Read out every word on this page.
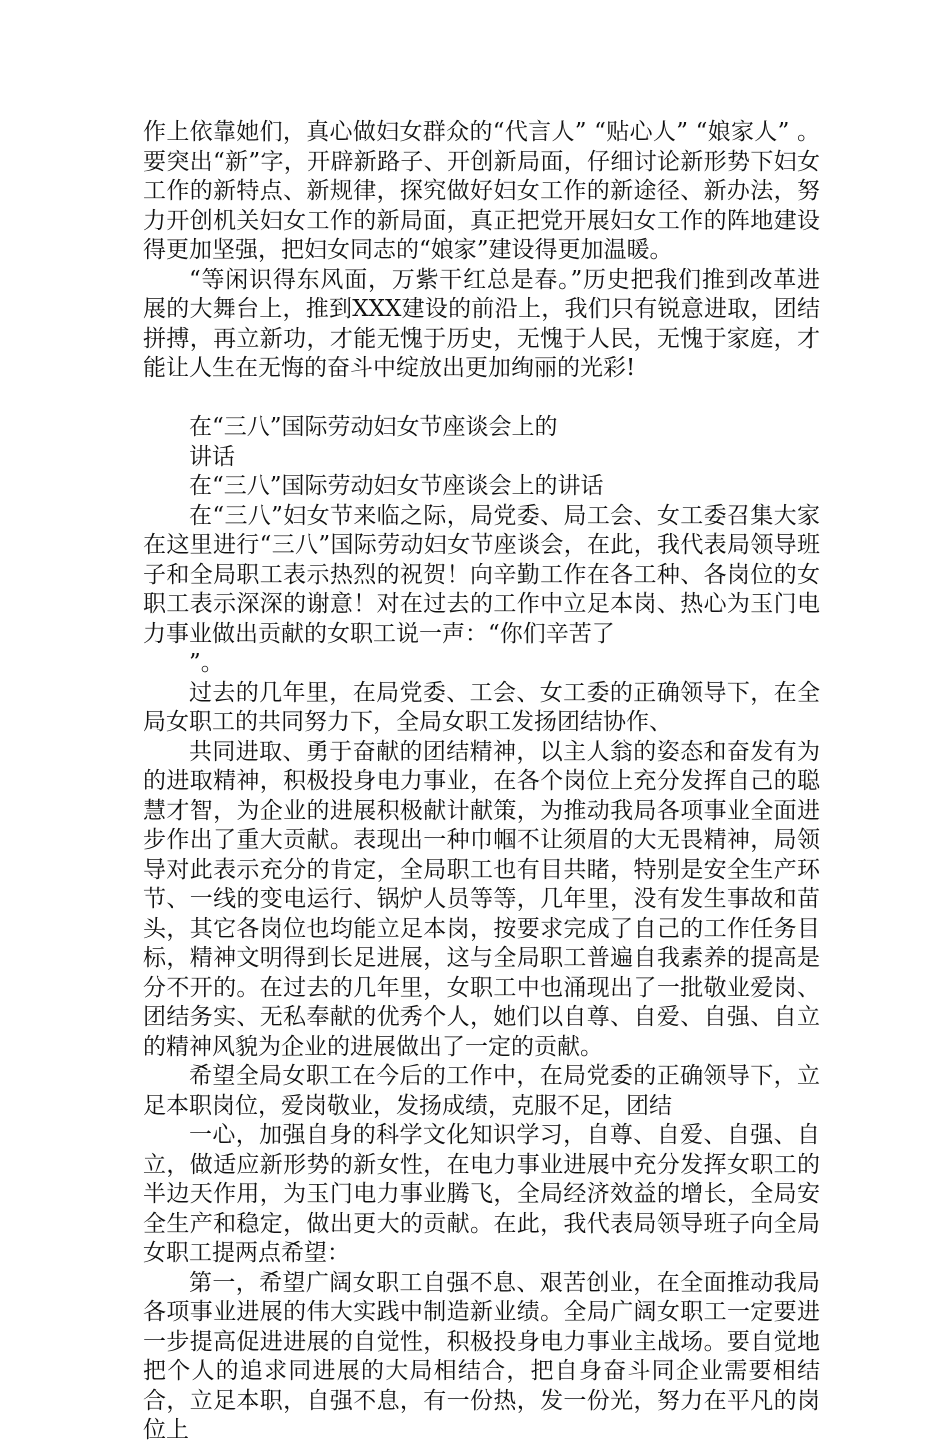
作上依靠她们，真心做妇女群众的“代言人” “贴心人” “娘家人” 。要突出“新”字，开辟新路子、开创新局面，仔细讨论新形势下妇女工作的新特点、新规律，探究做好妇女工作的新途径、新办法，努力开创机关妇女工作的新局面，真正把党开展妇女工作的阵地建设得更加坚强，把妇女同志的“娘家”建设得更加温暖。

“等闲识得东风面，万紫干红总是春。”历史把我们推到改革进展的大舞台上，推到XXX建设的前沿上，我们只有锐意进取，团结拼搏，再立新功，才能无愧于历史，无愧于人民，无愧于家庭，才能让人生在无悔的奋斗中绽放出更加绚丽的光彩!

在“三八”国际劳动妇女节座谈会上的

讲话

在“三八”国际劳动妇女节座谈会上的讲话

在“三八”妇女节来临之际，局党委、局工会、女工委召集大家在这里进行“三八”国际劳动妇女节座谈会，在此，我代表局领导班子和全局职工表示热烈的祝贺！向辛勤工作在各工种、各岗位的女职工表示深深的谢意！对在过去的工作中立足本岗、热心为玉门电力事业做出贡献的女职工说一声：“你们辛苦了

”。

过去的几年里，在局党委、工会、女工委的正确领导下，在全局女职工的共同努力下，全局女职工发扬团结协作、

共同进取、勇于奋献的团结精神，以主人翁的姿态和奋发有为的进取精神，积极投身电力事业，在各个岗位上充分发挥自己的聪慧才智，为企业的进展积极献计献策，为推动我局各项事业全面进步作出了重大贡献。表现出一种巾帼不让须眉的大无畏精神，局领导对此表示充分的肯定，全局职工也有目共睹，特别是安全生产环节、一线的变电运行、锅炉人员等等，几年里，没有发生事故和苗头，其它各岗位也均能立足本岗，按要求完成了自己的工作任务目标，精神文明得到长足进展，这与全局职工普遍自我素养的提高是分不开的。在过去的几年里，女职工中也涌现出了一批敬业爱岗、团结务实、无私奉献的优秀个人，她们以自尊、自爱、自强、自立的精神风貌为企业的进展做出了一定的贡献。

希望全局女职工在今后的工作中，在局党委的正确领导下，立足本职岗位，爱岗敬业，发扬成绩，克服不足，团结

一心，加强自身的科学文化知识学习，自尊、自爱、自强、自立，做适应新形势的新女性，在电力事业进展中充分发挥女职工的半边天作用，为玉门电力事业腾飞，全局经济效益的增长，全局安全生产和稳定，做出更大的贡献。在此，我代表局领导班子向全局女职工提两点希望：

第一，希望广阔女职工自强不息、艰苦创业，在全面推动我局各项事业进展的伟大实践中制造新业绩。全局广阔女职工一定要进一步提高促进进展的自觉性，积极投身电力事业主战场。要自觉地把个人的追求同进展的大局相结合，把自身奋斗同企业需要相结合，立足本职，自强不息，有一份热，发一份光，努力在平凡的岗位上
